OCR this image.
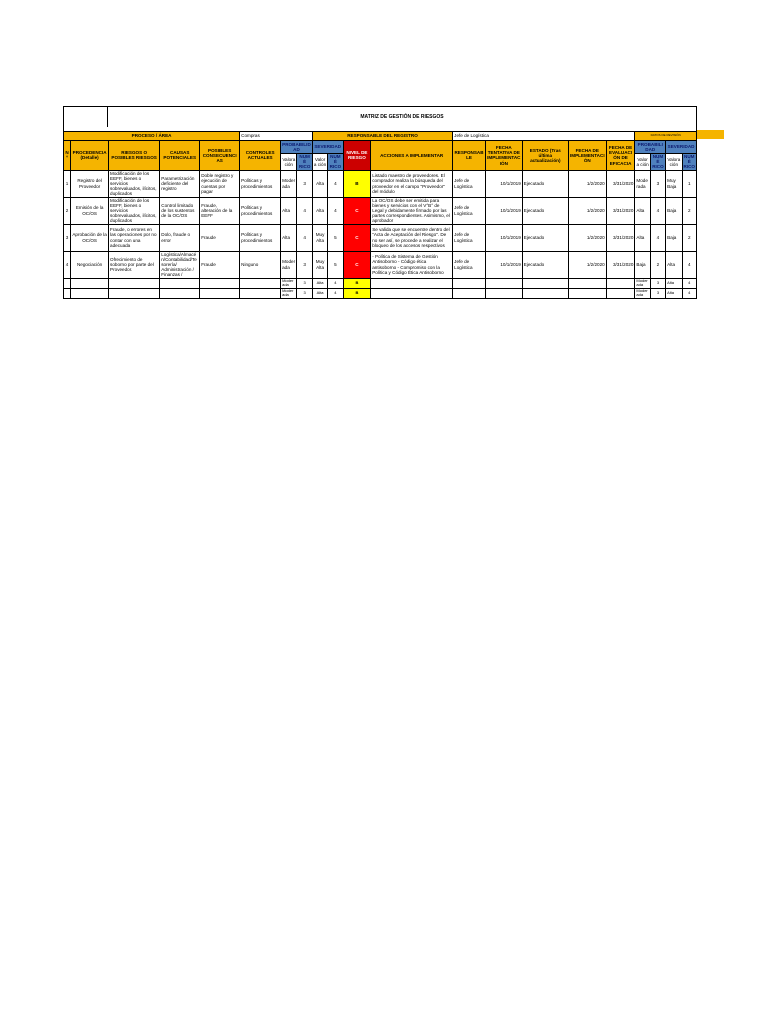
MATRIZ DE GESTIÓN DE RIESGOS
PROCESO / ÁREA					Compras			RESPONSABLE DEL REGISTRO				Jefe de Logística					DATOS DE REVISIÓN			
Nº	PROCEDENCIA (Detalle)	RIESGOS O POSIBLES RIESGOS	CAUSAS POTENCIALES	POSIBLES CONSECUENCIAS	CONTROLES ACTUALES	PROBABILIDAD		SEVERIDAD		NIVEL DE RIESGO	ACCIONES A IMPLEMENTAR	RESPONSABLE	FECHA TENTATIVA DE IMPLEMENTACIÓN	ESTADO (Tras última actualización)	FECHA DE IMPLEMENTACIÓN	FECHA DE EVALUACIÓN DE EFICACIA	PROBABILIDAD		SEVERIDAD	
						Valora ción	NUMÉ RICO	Valora ción	NUMÉ RICO								Valora ción	NUMÉ RICO	Valora ción	NUMÉ RICO
1	Registro del Proveedor	Modificación de los EEFF, bienes o servicios sobrevaluados, ilícitos, duplicados	Parametrización deficiente del registro	Doble registro y ejecución de cuentas por pagar	Políticas y procedimientos	Moderada	3	Alta	4	B	Listado maestro de proveedores. El comprador realiza la búsqueda del proveedor en el campo "Proveedor" del módulo	Jefe de Logística	10/1/2019	Ejecutado	1/2/2020	3/31/2020	Moderada	3	Muy Baja	1
2	Emisión de la OC/OS	Modificación de los EEFF, bienes o servicios sobrevaluados, ilícitos, duplicados	Control limitado de los sustentos de la OC/OS	Fraude, alteración de la EEFF	Políticas y procedimientos	Alta	4	Alta	4	C	La OC/OS debe ser emitida para bienes y servicios con el V°B° de Legal y debidamente firmado por las partes correspondientes. Asimismo, el aprobador	Jefe de Logística	10/1/2019	Ejecutado	1/2/2020	3/31/2020	Alta	4	Baja	2
3	Aprobación de la OC/OS	Fraude, o errores en las operaciones por no contar con una adecuada	Dolo, fraude o error	Fraude	Políticas y procedimientos	Alta	4	Muy Alta	5	C	Se valida que se encuentre dentro del "Acta de Aceptación del Riesgo". De no ser así, se procede a realizar el bloqueo de los accesos respectivos	Jefe de Logística	10/1/2019	Ejecutado	1/2/2020	3/31/2020	Alta	4	Baja	2
4	Negociación	Ofrecimiento de soborno por parte del Proveedor.	Logística/Almacén/Contabilidad/Tesorería/ Administración / Finanzas /	Fraude	Ninguno	Moderada	3	Muy Alta	5	C	- Política de Sistema de Gestión Antisoborno - Código ética antisoborno - Compromiso con la Política y Código Ética Antisoborno	Jefe de Logística	10/1/2019	Ejecutado	1/2/2020	3/31/2020	Baja	2	Alta	4
						Moderada	3	Alta	4	B							Moderada	3	Alta	4
						Moderada	3	Alta	4	B							Moderada	3	Alta	4
